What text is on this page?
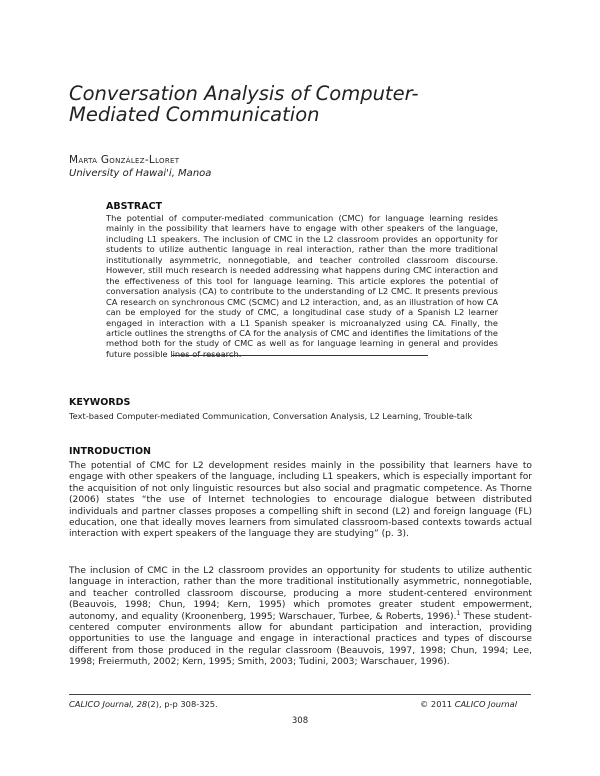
Conversation Analysis of Computer-Mediated Communication
Marta González-Lloret
University of Hawai'i, Manoa
ABSTRACT

The potential of computer-mediated communication (CMC) for language learning resides mainly in the possibility that learners have to engage with other speakers of the language, including L1 speakers. The inclusion of CMC in the L2 classroom provides an opportunity for students to utilize authentic language in real interaction, rather than the more traditional institutionally asymmetric, nonnegotiable, and teacher controlled classroom discourse. However, still much research is needed addressing what happens during CMC interaction and the effectiveness of this tool for language learning. This article explores the potential of conversation analysis (CA) to contribute to the understanding of L2 CMC. It presents previous CA research on synchronous CMC (SCMC) and L2 interaction, and, as an illustration of how CA can be employed for the study of CMC, a longitudinal case study of a Spanish L2 learner engaged in interaction with a L1 Spanish speaker is microanalyzed using CA. Finally, the article outlines the strengths of CA for the analysis of CMC and identifies the limitations of the method both for the study of CMC as well as for language learning in general and provides future possible lines of research.

KEYWORDS
Text-based Computer-mediated Communication, Conversation Analysis, L2 Learning, Trouble-talk
INTRODUCTION

The potential of CMC for L2 development resides mainly in the possibility that learners have to engage with other speakers of the language, including L1 speakers, which is especially important for the acquisition of not only linguistic resources but also social and pragmatic competence. As Thorne (2006) states “the use of Internet technologies to encourage dialogue between distributed individuals and partner classes proposes a compelling shift in second (L2) and foreign language (FL) education, one that ideally moves learners from simulated classroom-based contexts towards actual interaction with expert speakers of the language they are studying” (p. 3).

The inclusion of CMC in the L2 classroom provides an opportunity for students to utilize authentic language in interaction, rather than the more traditional institutionally asymmetric, nonnegotiable, and teacher controlled classroom discourse, producing a more student-centered environment (Beauvois, 1998; Chun, 1994; Kern, 1995) which promotes greater student empowerment, autonomy, and equality (Kroonenberg, 1995; Warschauer, Turbee, & Roberts, 1996).$^1$ These student-centered computer environments allow for abundant participation and interaction, providing opportunities to use the language and engage in interactional practices and types of discourse different from those produced in the regular classroom (Beauvois, 1997, 1998; Chun, 1994; Lee, 1998; Freiermuth, 2002; Kern, 1995; Smith, 2003; Tudini, 2003; Warschauer, 1996).

CALICO Journal, 28(2), p-p 308-325.	© 2011 CALICO Journal
308
